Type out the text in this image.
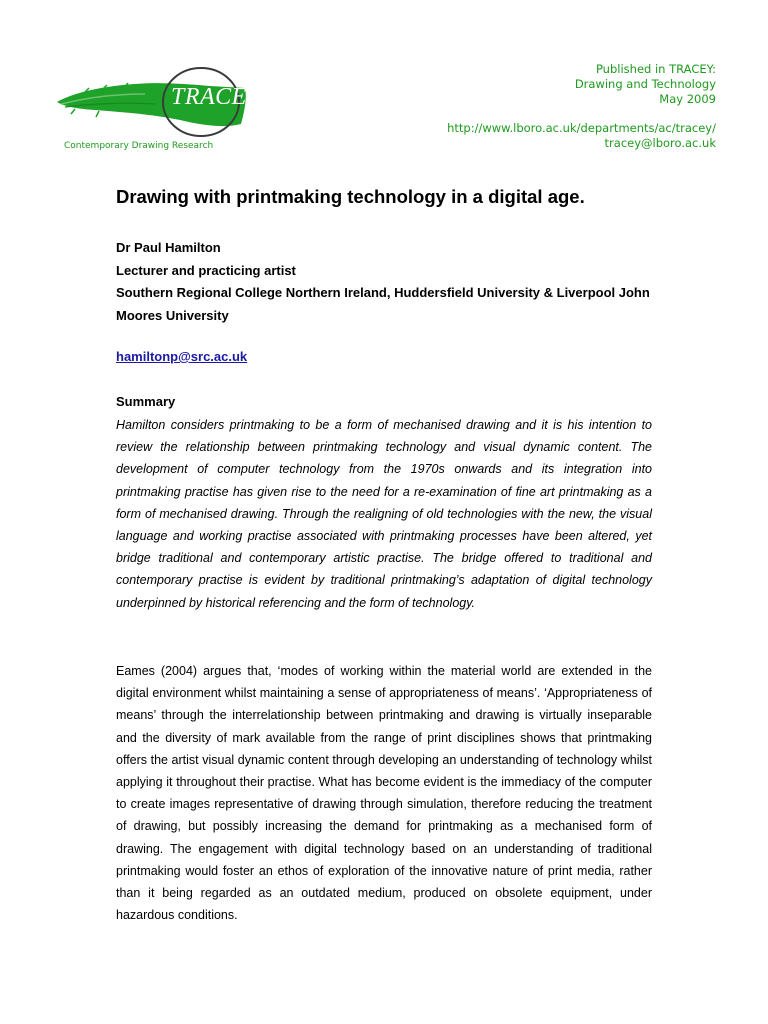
TRACEY
Contemporary Drawing Research
Published in TRACEY:
Drawing and Technology
May 2009
http://www.lboro.ac.uk/departments/ac/tracey/
tracey@lboro.ac.uk
Drawing with printmaking technology in a digital age.
Dr Paul Hamilton
Lecturer and practicing artist
Southern Regional College Northern Ireland, Huddersfield University & Liverpool John Moores University
hamiltonp@src.ac.uk
Summary

Hamilton considers printmaking to be a form of mechanised drawing and it is his intention to review the relationship between printmaking technology and visual dynamic content. The development of computer technology from the 1970s onwards and its integration into printmaking practise has given rise to the need for a re-examination of fine art printmaking as a form of mechanised drawing. Through the realigning of old technologies with the new, the visual language and working practise associated with printmaking processes have been altered, yet bridge traditional and contemporary artistic practise. The bridge offered to traditional and contemporary practise is evident by traditional printmaking’s adaptation of digital technology underpinned by historical referencing and the form of technology.

Eames (2004) argues that, ‘modes of working within the material world are extended in the digital environment whilst maintaining a sense of appropriateness of means’. ‘Appropriateness of means’ through the interrelationship between printmaking and drawing is virtually inseparable and the diversity of mark available from the range of print disciplines shows that printmaking offers the artist visual dynamic content through developing an understanding of technology whilst applying it throughout their practise. What has become evident is the immediacy of the computer to create images representative of drawing through simulation, therefore reducing the treatment of drawing, but possibly increasing the demand for printmaking as a mechanised form of drawing. The engagement with digital technology based on an understanding of traditional printmaking would foster an ethos of exploration of the innovative nature of print media, rather than it being regarded as an outdated medium, produced on obsolete equipment, under hazardous conditions.
